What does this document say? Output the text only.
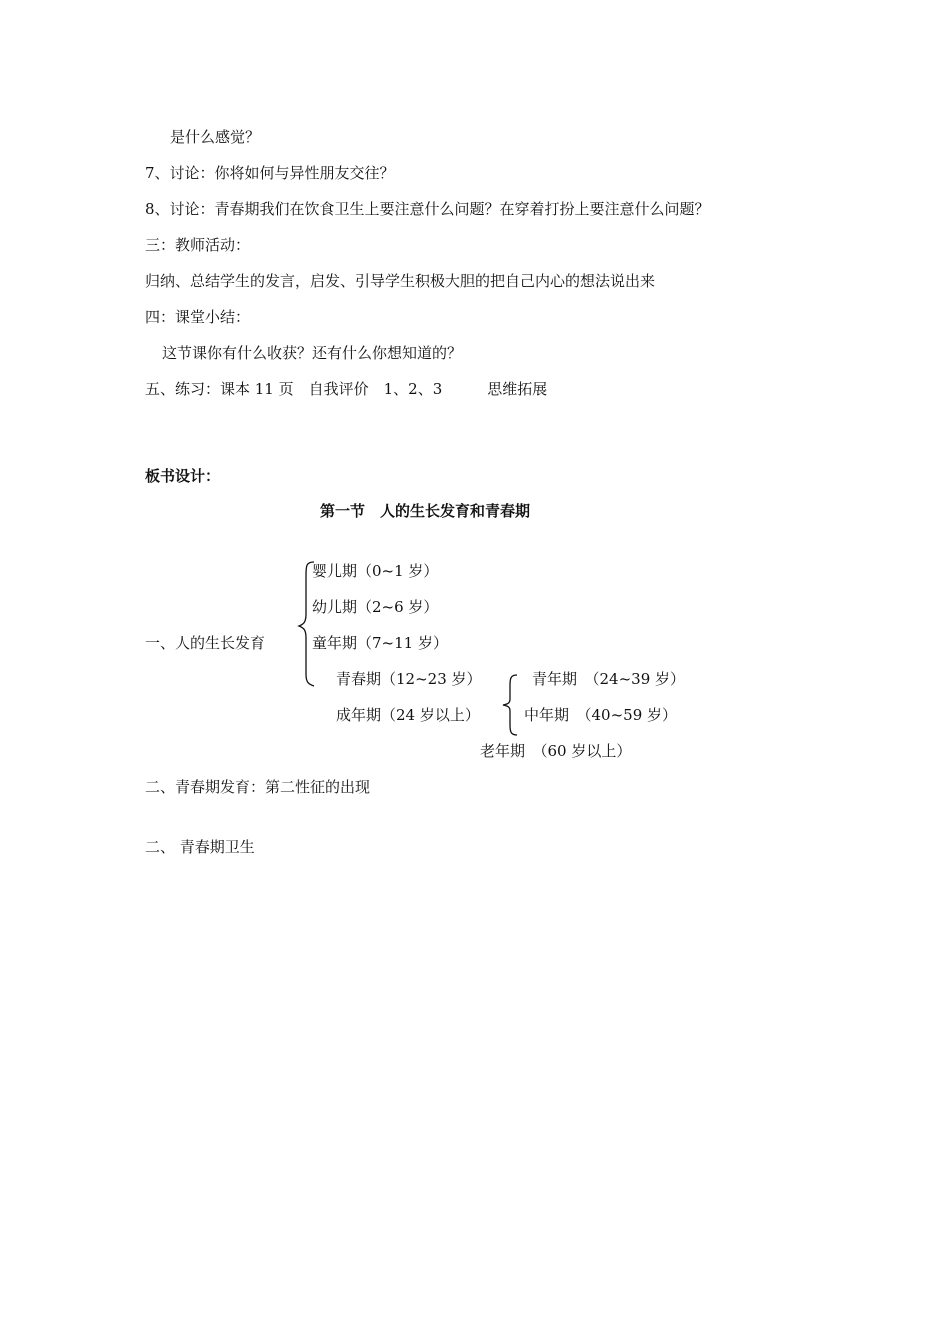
是什么感觉？
7、讨论：你将如何与异性朋友交往？
8、讨论：青春期我们在饮食卫生上要注意什么问题？在穿着打扮上要注意什么问题？
三：教师活动：
归纳、总结学生的发言，启发、引导学生积极大胆的把自己内心的想法说出来
四：课堂小结：
这节课你有什么收获？还有什么你想知道的？
五、练习：课本 11 页　自我评价　1、2、3　　　思维拓展
板书设计：
第一节　人的生长发育和青春期
一、人的生长发育
婴儿期（0~1 岁）
幼儿期（2~6 岁）
童年期（7~11 岁）
青春期（12~23 岁）
成年期（24 岁以上）
青年期　（24~39 岁）
中年期　（40~59 岁）
老年期　（60 岁以上）
二、青春期发育：第二性征的出现
二、 青春期卫生
